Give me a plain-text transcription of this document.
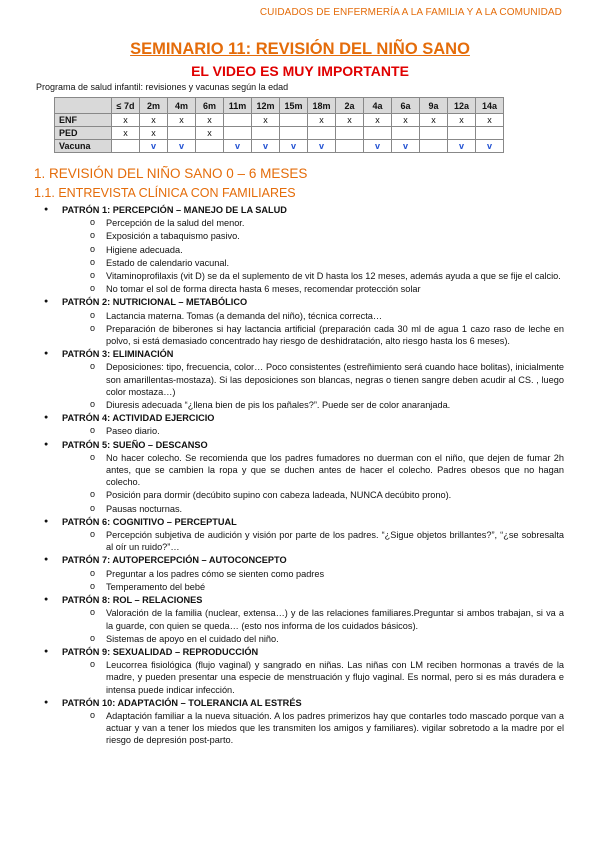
CUIDADOS DE ENFERMERÍA A LA FAMILIA Y A LA COMUNIDAD
SEMINARIO 11: REVISIÓN DEL NIÑO SANO
EL VIDEO ES MUY IMPORTANTE
Programa de salud infantil: revisiones y vacunas según la edad
	≤ 7d	2m	4m	6m	11m	12m	15m	18m	2a	4a	6a	9a	12a	14a
ENF	x	x	x	x		x		x	x	x	x	x	x	x
PED	x	x		x										
Vacuna		v	v		v	v	v	v		v	v		v	v
1. REVISIÓN DEL NIÑO SANO 0 – 6 MESES
1.1. ENTREVISTA CLÍNICA CON FAMILIARES
● PATRÓN 1: PERCEPCIÓN – MANEJO DE LA SALUD
o Percepción de la salud del menor.
o Exposición a tabaquismo pasivo.
o Higiene adecuada.
o Estado de calendario vacunal.
o Vitaminoprofilaxis (vit D) se da el suplemento de vit D hasta los 12 meses, además ayuda a que se fije el calcio.
o No tomar el sol de forma directa hasta 6 meses, recomendar protección solar
● PATRÓN 2: NUTRICIONAL – METABÓLICO
o Lactancia materna. Tomas (a demanda del niño), técnica correcta…
o Preparación de biberones si hay lactancia artificial (preparación cada 30 ml de agua 1 cazo raso de leche en polvo, si está demasiado concentrado hay riesgo de deshidratación, alto riesgo hasta los 6 meses).
● PATRÓN 3: ELIMINACIÓN
o Deposiciones: tipo, frecuencia, color… Poco consistentes (estreñimiento será cuando hace bolitas), inicialmente son amarillentas-mostaza). Si las deposiciones son blancas, negras o tienen sangre deben acudir al CS. , luego color mostaza…)
o Diuresis adecuada “¿llena bien de pis los pañales?”. Puede ser de color anaranjada.
● PATRÓN 4: ACTIVIDAD EJERCICIO
o Paseo diario.
● PATRÓN 5: SUEÑO – DESCANSO
o No hacer colecho. Se recomienda que los padres fumadores no duerman con el niño, que dejen de fumar 2h antes, que se cambien la ropa y que se duchen antes de hacer el colecho. Padres obesos que no hagan colecho.
o Posición para dormir (decúbito supino con cabeza ladeada, NUNCA decúbito prono).
o Pausas nocturnas.
● PATRÓN 6: COGNITIVO – PERCEPTUAL
o Percepción subjetiva de audición y visión por parte de los padres. “¿Sigue objetos brillantes?”, “¿se sobresalta al oír un ruido?”…
● PATRÓN 7: AUTOPERCEPCIÓN – AUTOCONCEPTO
o Preguntar a los padres cómo se sienten como padres
o Temperamento del bebé
● PATRÓN 8: ROL – RELACIONES
o Valoración de la familia (nuclear, extensa…) y de las relaciones familiares.Preguntar si ambos trabajan, si va a la guarde, con quien se queda… (esto nos informa de los cuidados básicos).
o Sistemas de apoyo en el cuidado del niño.
● PATRÓN 9: SEXUALIDAD – REPRODUCCIÓN
o Leucorrea fisiológica (flujo vaginal) y sangrado en niñas. Las niñas con LM reciben hormonas a través de la madre, y pueden presentar una especie de menstruación y flujo vaginal. Es normal, pero si es más duradera e intensa puede indicar infección.
● PATRÓN 10: ADAPTACIÓN – TOLERANCIA AL ESTRÉS
o Adaptación familiar a la nueva situación. A los padres primerizos hay que contarles todo mascado porque van a actuar y van a tener los miedos que les transmiten los amigos y familiares). vigilar sobretodo a la madre por el riesgo de depresión post-parto.
